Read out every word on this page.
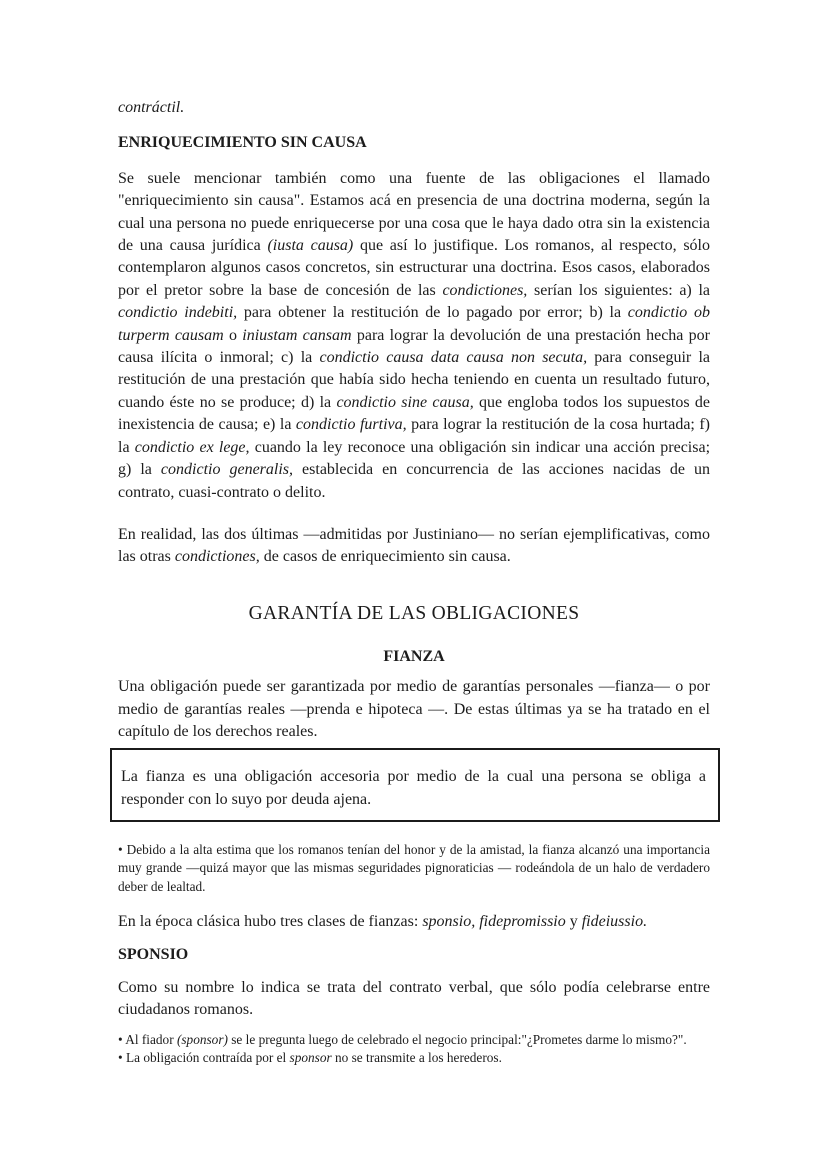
contráctil.

ENRIQUECIMIENTO SIN CAUSA

Se suele mencionar también como una fuente de las obligaciones el llamado "enriquecimiento sin causa". Estamos acá en presencia de una doctrina moderna, según la cual una persona no puede enriquecerse por una cosa que le haya dado otra sin la existencia de una causa jurídica (iusta causa) que así lo justifique. Los romanos, al respecto, sólo contemplaron algunos casos concretos, sin estructurar una doctrina. Esos casos, elaborados por el pretor sobre la base de concesión de las condictiones, serían los siguientes: a) la condictio indebiti, para obtener la restitución de lo pagado por error; b) la condictio ob turperm causam o iniustam cansam para lograr la devolución de una prestación hecha por causa ilícita o inmoral; c) la condictio causa data causa non secuta, para conseguir la restitución de una prestación que había sido hecha teniendo en cuenta un resultado futuro, cuando éste no se produce; d) la condictio sine causa, que engloba todos los supuestos de inexistencia de causa; e) la condictio furtiva, para lograr la restitución de la cosa hurtada; f) la condictio ex lege, cuando la ley reconoce una obligación sin indicar una acción precisa; g) la condictio generalis, establecida en concurrencia de las acciones nacidas de un contrato, cuasi-contrato o delito.

En realidad, las dos últimas —admitidas por Justiniano— no serían ejemplificativas, como las otras condictiones, de casos de enriquecimiento sin causa.

GARANTÍA DE LAS OBLIGACIONES
FIANZA

Una obligación puede ser garantizada por medio de garantías personales —fianza— o por medio de garantías reales —prenda e hipoteca —. De estas últimas ya se ha tratado en el capítulo de los derechos reales.

La fianza es una obligación accesoria por medio de la cual una persona se obliga a responder con lo suyo por deuda ajena.

• Debido a la alta estima que los romanos tenían del honor y de la amistad, la fianza alcanzó una importancia muy grande —quizá mayor que las mismas seguridades pignoraticias — rodeándola de un halo de verdadero deber de lealtad.

En la época clásica hubo tres clases de fianzas: sponsio, fidepromissio y fideiussio.

SPONSIO

Como su nombre lo indica se trata del contrato verbal, que sólo podía celebrarse entre ciudadanos romanos.

• Al fiador (sponsor) se le pregunta luego de celebrado el negocio principal:"¿Prometes darme lo mismo?".

• La obligación contraída por el sponsor no se transmite a los herederos.
